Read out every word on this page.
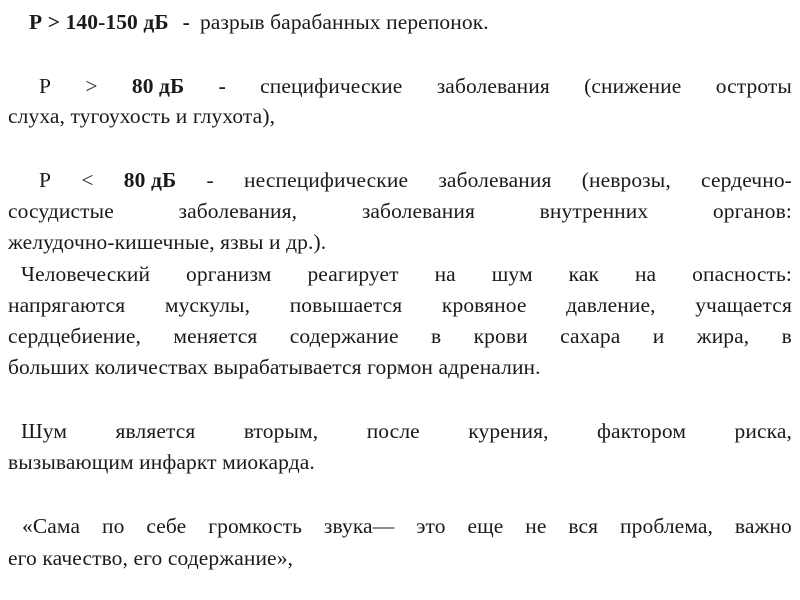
Р > 140-150 дБ - разрыв барабанных перепонок.
Р > 80 дБ - специфические заболевания (снижение остроты
слуха, тугоухость и глухота),
Р < 80 дБ - неспецифические заболевания (неврозы, сердечно-
сосудистые	заболевания,	заболевания	внутренних	органов:
желудочно-кишечные, язвы и др.).
Человеческий организм реагирует на шум как на опасность:
напрягаются мускулы, повышается кровяное давление, учащается
сердцебиение, меняется содержание в крови сахара и жира, в
больших количествах вырабатывается гормон адреналин.
Шум является вторым, после курения, фактором риска,
вызывающим инфаркт миокарда.
«Сама по себе громкость звука— это еще не вся проблема, важно
его качество, его содержание»,
